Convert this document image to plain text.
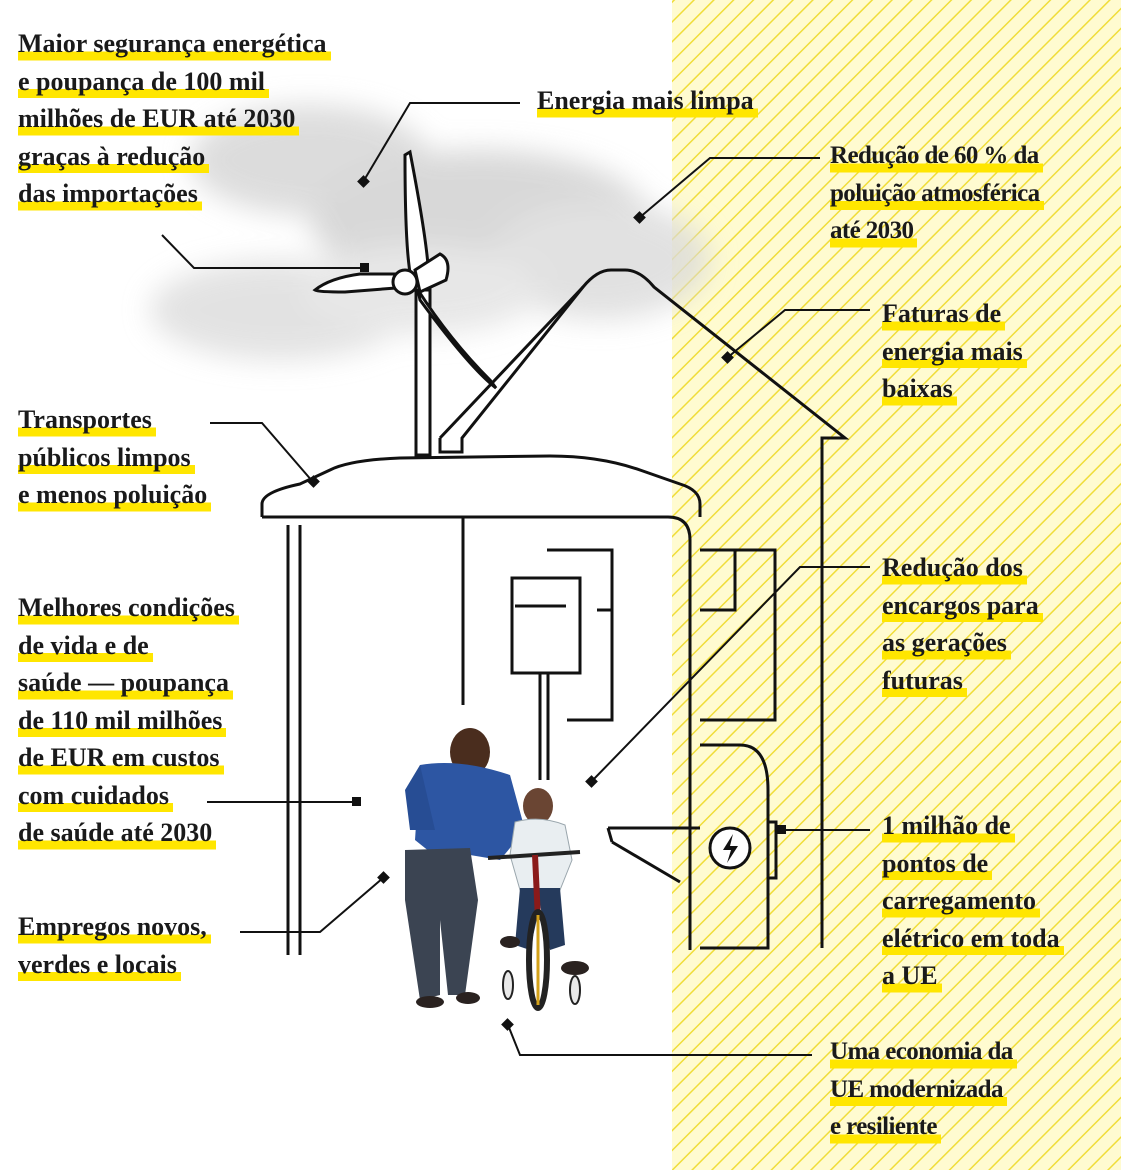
Maior segurança energética
e poupança de 100 mil
milhões de EUR até 2030
graças à redução
das importações
Energia mais limpa
Redução de 60 % da
poluição atmosférica
até 2030
Faturas de
energia mais
baixas
Transportes
públicos limpos
e menos poluição
Melhores condições
de vida e de
saúde — poupança
de 110 mil milhões
de EUR em custos
com cuidados
de saúde até 2030
Redução dos
encargos para
as gerações
futuras
1 milhão de
pontos de
carregamento
elétrico em toda
a UE
Empregos novos,
verdes e locais
Uma economia da
UE modernizada
e resiliente
